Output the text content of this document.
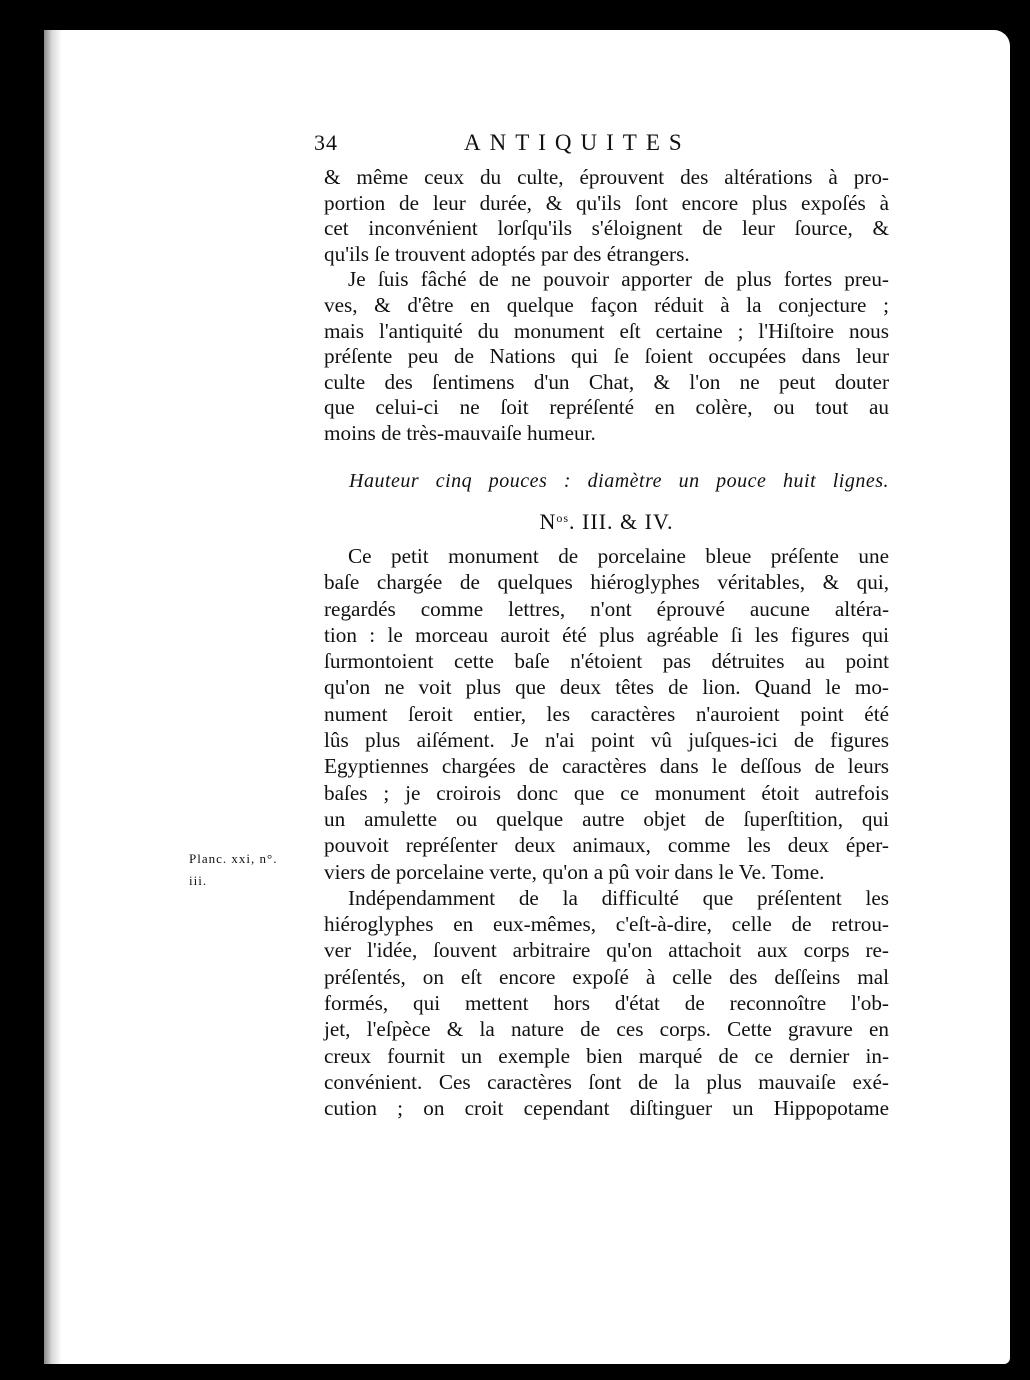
34	ANTIQUITES
& même ceux du culte, éprouvent des altérations à pro-
portion de leur durée, & qu'ils ſont encore plus expoſés à
cet inconvénient lorſqu'ils s'éloignent de leur ſource, &
qu'ils ſe trouvent adoptés par des étrangers.
Je ſuis fâché de ne pouvoir apporter de plus fortes preu-
ves, & d'être en quelque façon réduit à la conjecture ;
mais l'antiquité du monument eſt certaine ; l'Hiſtoire nous
préſente peu de Nations qui ſe ſoient occupées dans leur
culte des ſentimens d'un Chat, & l'on ne peut douter
que celui-ci ne ſoit repréſenté en colère, ou tout au
moins de très-mauvaiſe humeur.
Hauteur cinq pouces : diamètre un pouce huit lignes.
$N^{os}$. III. & IV.
Ce petit monument de porcelaine bleue préſente une
baſe chargée de quelques hiéroglyphes véritables, & qui,
regardés comme lettres, n'ont éprouvé aucune altéra-
tion : le morceau auroit été plus agréable ſi les figures qui
ſurmontoient cette baſe n'étoient pas détruites au point
qu'on ne voit plus que deux têtes de lion. Quand le mo-
nument ſeroit entier, les caractères n'auroient point été
lûs plus aiſément. Je n'ai point vû juſques-ici de figures
Egyptiennes chargées de caractères dans le deſſous de leurs
baſes ; je croirois donc que ce monument étoit autrefois
un amulette ou quelque autre objet de ſuperſtition, qui
pouvoit repréſenter deux animaux, comme les deux éper-
viers de porcelaine verte, qu'on a pû voir dans le Ve. Tome.
Indépendamment de la difficulté que préſentent les
hiéroglyphes en eux-mêmes, c'eſt-à-dire, celle de retrou-
ver l'idée, ſouvent arbitraire qu'on attachoit aux corps re-
préſentés, on eſt encore expoſé à celle des deſſeins mal
formés, qui mettent hors d'état de reconnoître l'ob-
jet, l'eſpèce & la nature de ces corps. Cette gravure en
creux fournit un exemple bien marqué de ce dernier in-
convénient. Ces caractères ſont de la plus mauvaiſe exé-
cution ; on croit cependant diſtinguer un Hippopotame
Planc. xxi, n°.
iii.
